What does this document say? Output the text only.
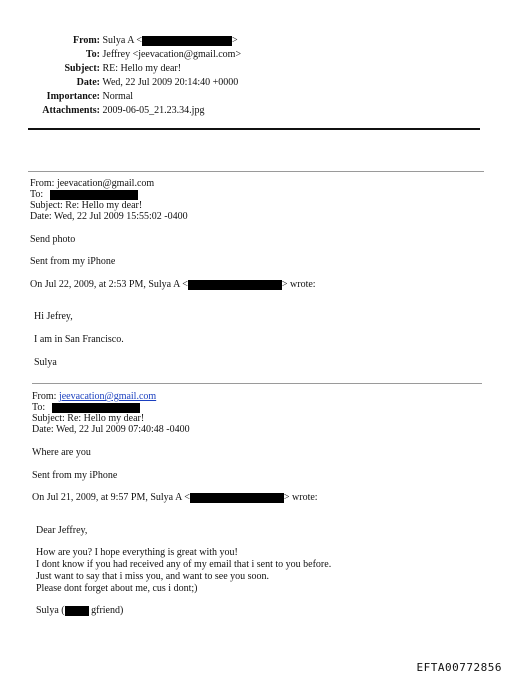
From: Sulya A <	>
To: Jeffrey <jeevacation@gmail.com>
Subject: RE: Hello my dear!
Date: Wed, 22 Jul 2009 20:14:40 +0000
Importance: Normal
Attachments: 2009-06-05_21.23.34.jpg
From: jeevacation@gmail.com
To:
Subject: Re: Hello my dear!
Date: Wed, 22 Jul 2009 15:55:02 -0400
Send photo
Sent from my iPhone
On Jul 22, 2009, at 2:53 PM, Sulya A <	> wrote:
Hi Jefrey,
I am in San Francisco.
Sulya
From: jeevacation@gmail.com
To:
Subject: Re: Hello my dear!
Date: Wed, 22 Jul 2009 07:40:48 -0400
Where are you
Sent from my iPhone
On Jul 21, 2009, at 9:57 PM, Sulya A <	> wrote:
Dear Jeffrey,
How are you? I hope everything is great with you!
I dont know if you had received any of my email that i sent to you before.
Just want to say that i miss you, and want to see you soon.
Please dont forget about me, cus i dont;)
Sulya ( gfriend)
EFTA00772856
